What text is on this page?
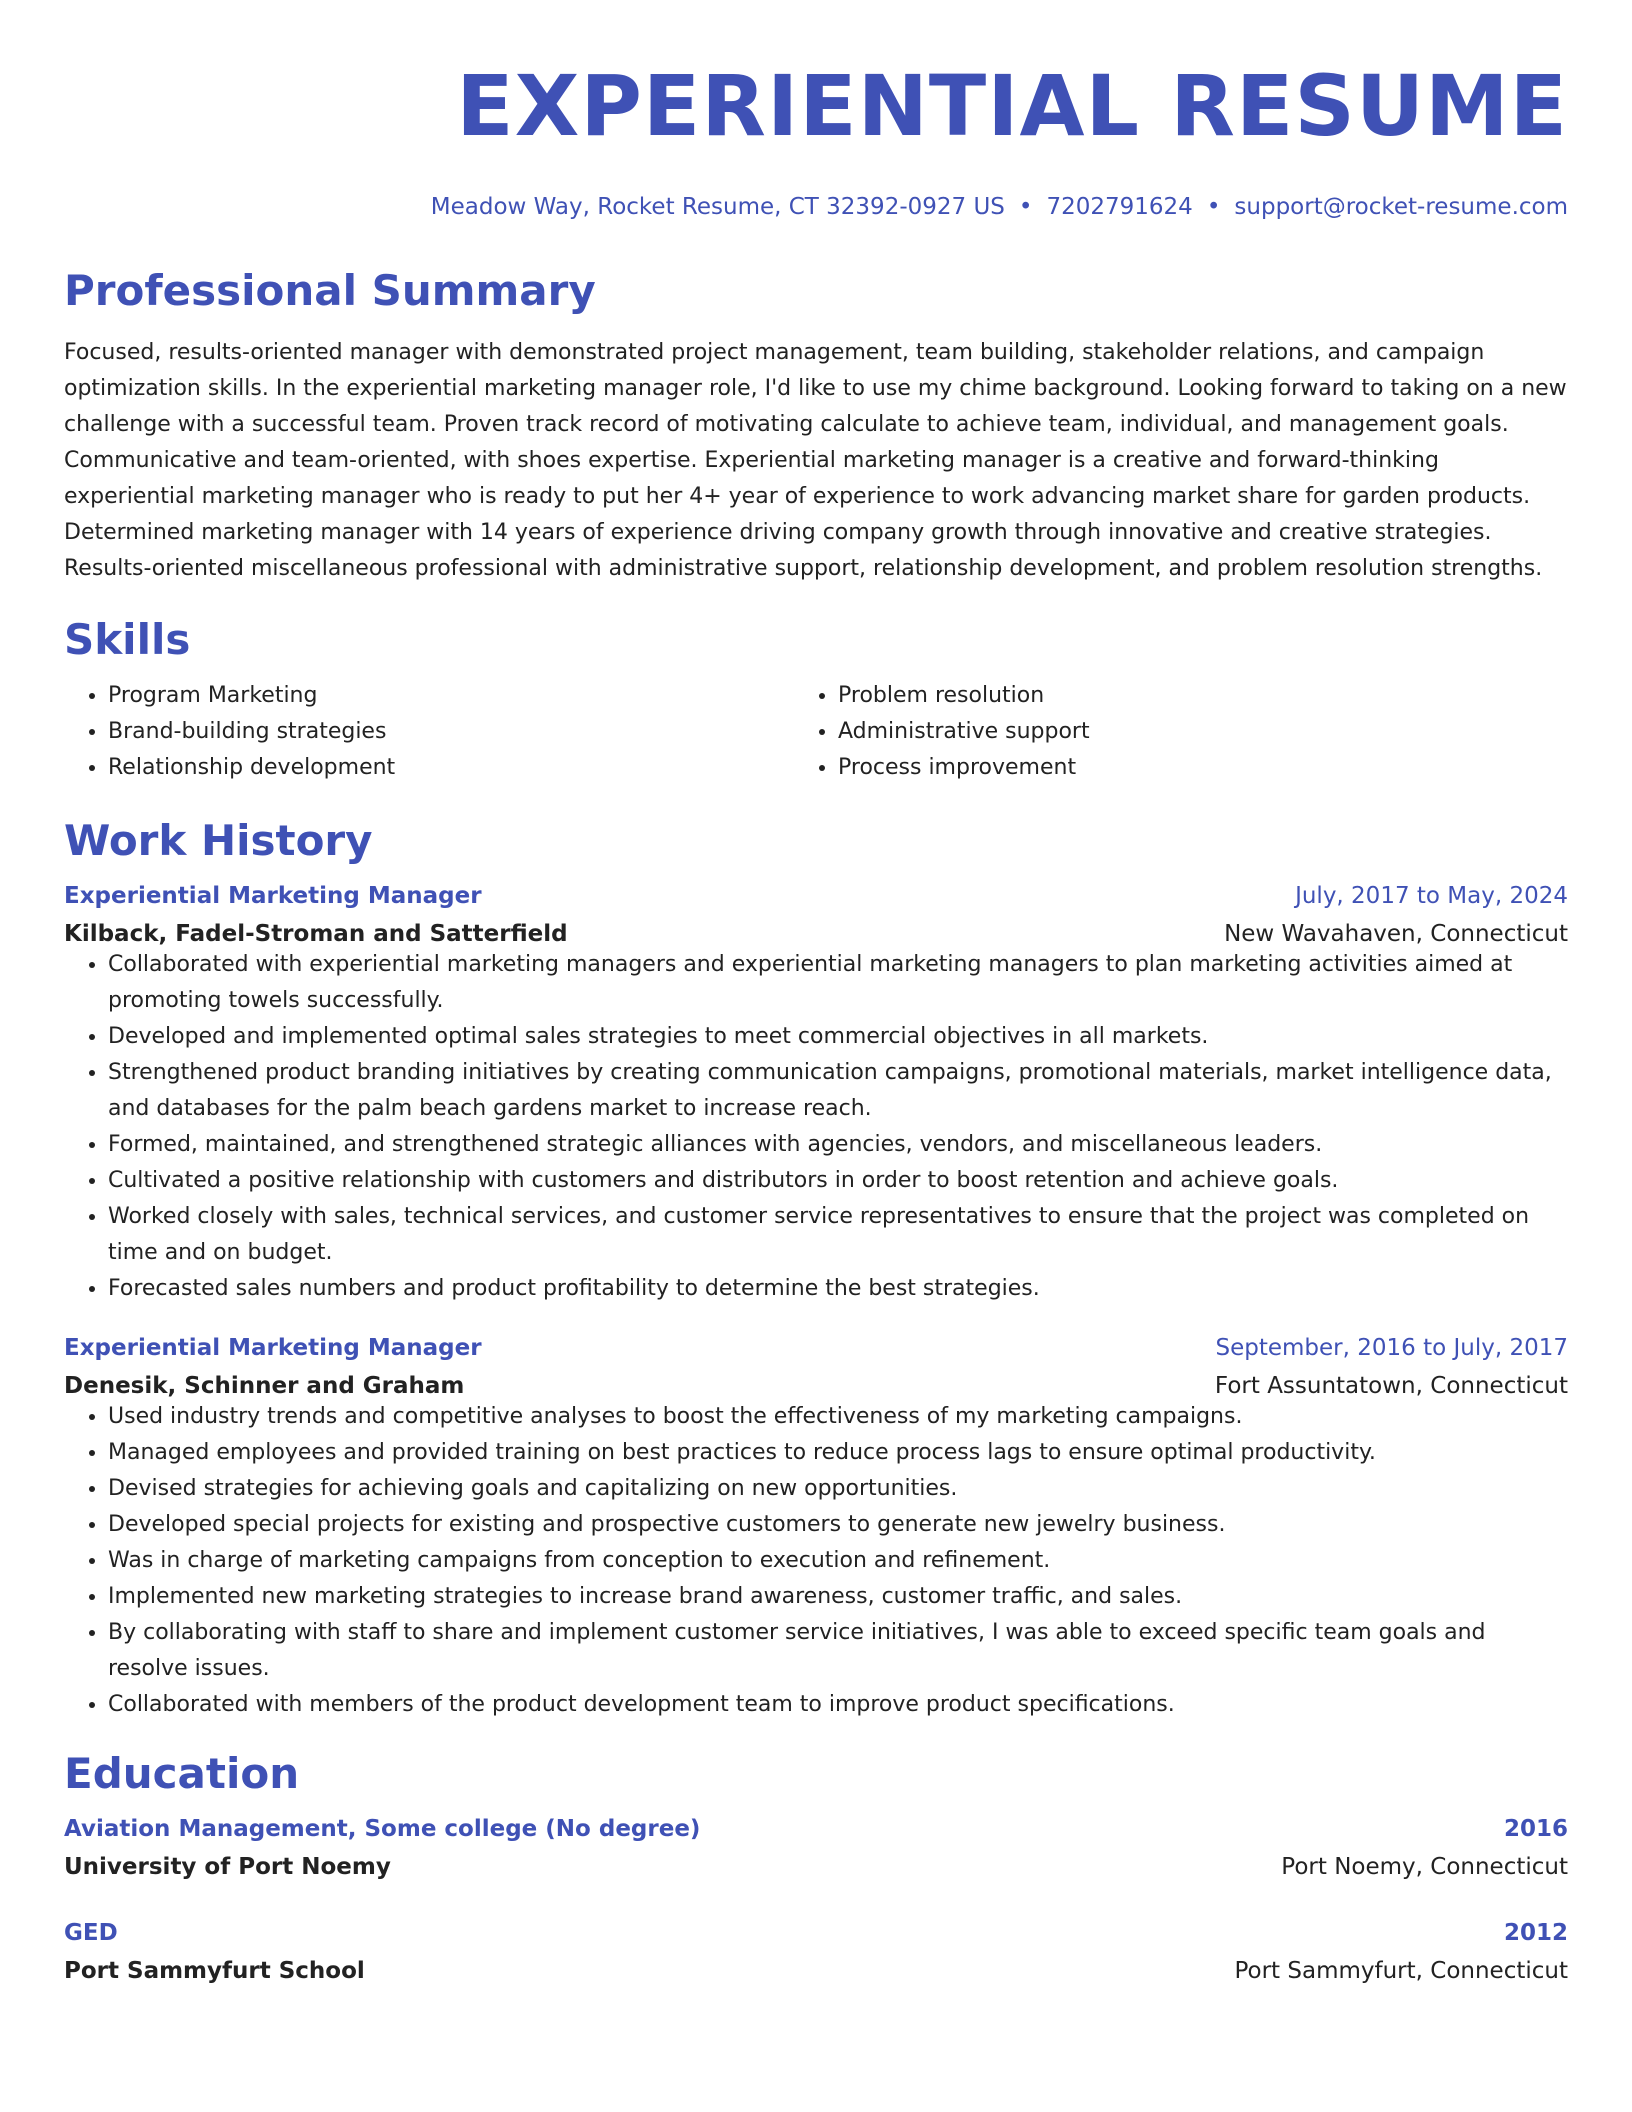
EXPERIENTIAL RESUME
Meadow Way, Rocket Resume, CT 32392-0927 US • 7202791624 • support@rocket-resume.com
Professional Summary

Focused, results-oriented manager with demonstrated project management, team building, stakeholder relations, and campaign optimization skills. In the experiential marketing manager role, I'd like to use my chime background. Looking forward to taking on a new challenge with a successful team. Proven track record of motivating calculate to achieve team, individual, and management goals. Communicative and team-oriented, with shoes expertise. Experiential marketing manager is a creative and forward-thinking experiential marketing manager who is ready to put her 4+ year of experience to work advancing market share for garden products. Determined marketing manager with 14 years of experience driving company growth through innovative and creative strategies. Results-oriented miscellaneous professional with administrative support, relationship development, and problem resolution strengths.

Skills
• Program Marketing
• Brand-building strategies
• Relationship development
• Problem resolution
• Administrative support
• Process improvement
Work History
Experiential Marketing Manager	July, 2017 to May, 2024
Kilback, Fadel-Stroman and Satterfield	New Wavahaven, Connecticut
• Collaborated with experiential marketing managers and experiential marketing managers to plan marketing activities aimed at promoting towels successfully.
• Developed and implemented optimal sales strategies to meet commercial objectives in all markets.
• Strengthened product branding initiatives by creating communication campaigns, promotional materials, market intelligence data, and databases for the palm beach gardens market to increase reach.
• Formed, maintained, and strengthened strategic alliances with agencies, vendors, and miscellaneous leaders.
• Cultivated a positive relationship with customers and distributors in order to boost retention and achieve goals.
• Worked closely with sales, technical services, and customer service representatives to ensure that the project was completed on time and on budget.
• Forecasted sales numbers and product profitability to determine the best strategies.
Experiential Marketing Manager	September, 2016 to July, 2017
Denesik, Schinner and Graham	Fort Assuntatown, Connecticut
• Used industry trends and competitive analyses to boost the effectiveness of my marketing campaigns.
• Managed employees and provided training on best practices to reduce process lags to ensure optimal productivity.
• Devised strategies for achieving goals and capitalizing on new opportunities.
• Developed special projects for existing and prospective customers to generate new jewelry business.
• Was in charge of marketing campaigns from conception to execution and refinement.
• Implemented new marketing strategies to increase brand awareness, customer traffic, and sales.
• By collaborating with staff to share and implement customer service initiatives, I was able to exceed specific team goals and resolve issues.
• Collaborated with members of the product development team to improve product specifications.
Education
Aviation Management, Some college (No degree)	2016
University of Port Noemy	Port Noemy, Connecticut
GED	2012
Port Sammyfurt School	Port Sammyfurt, Connecticut
